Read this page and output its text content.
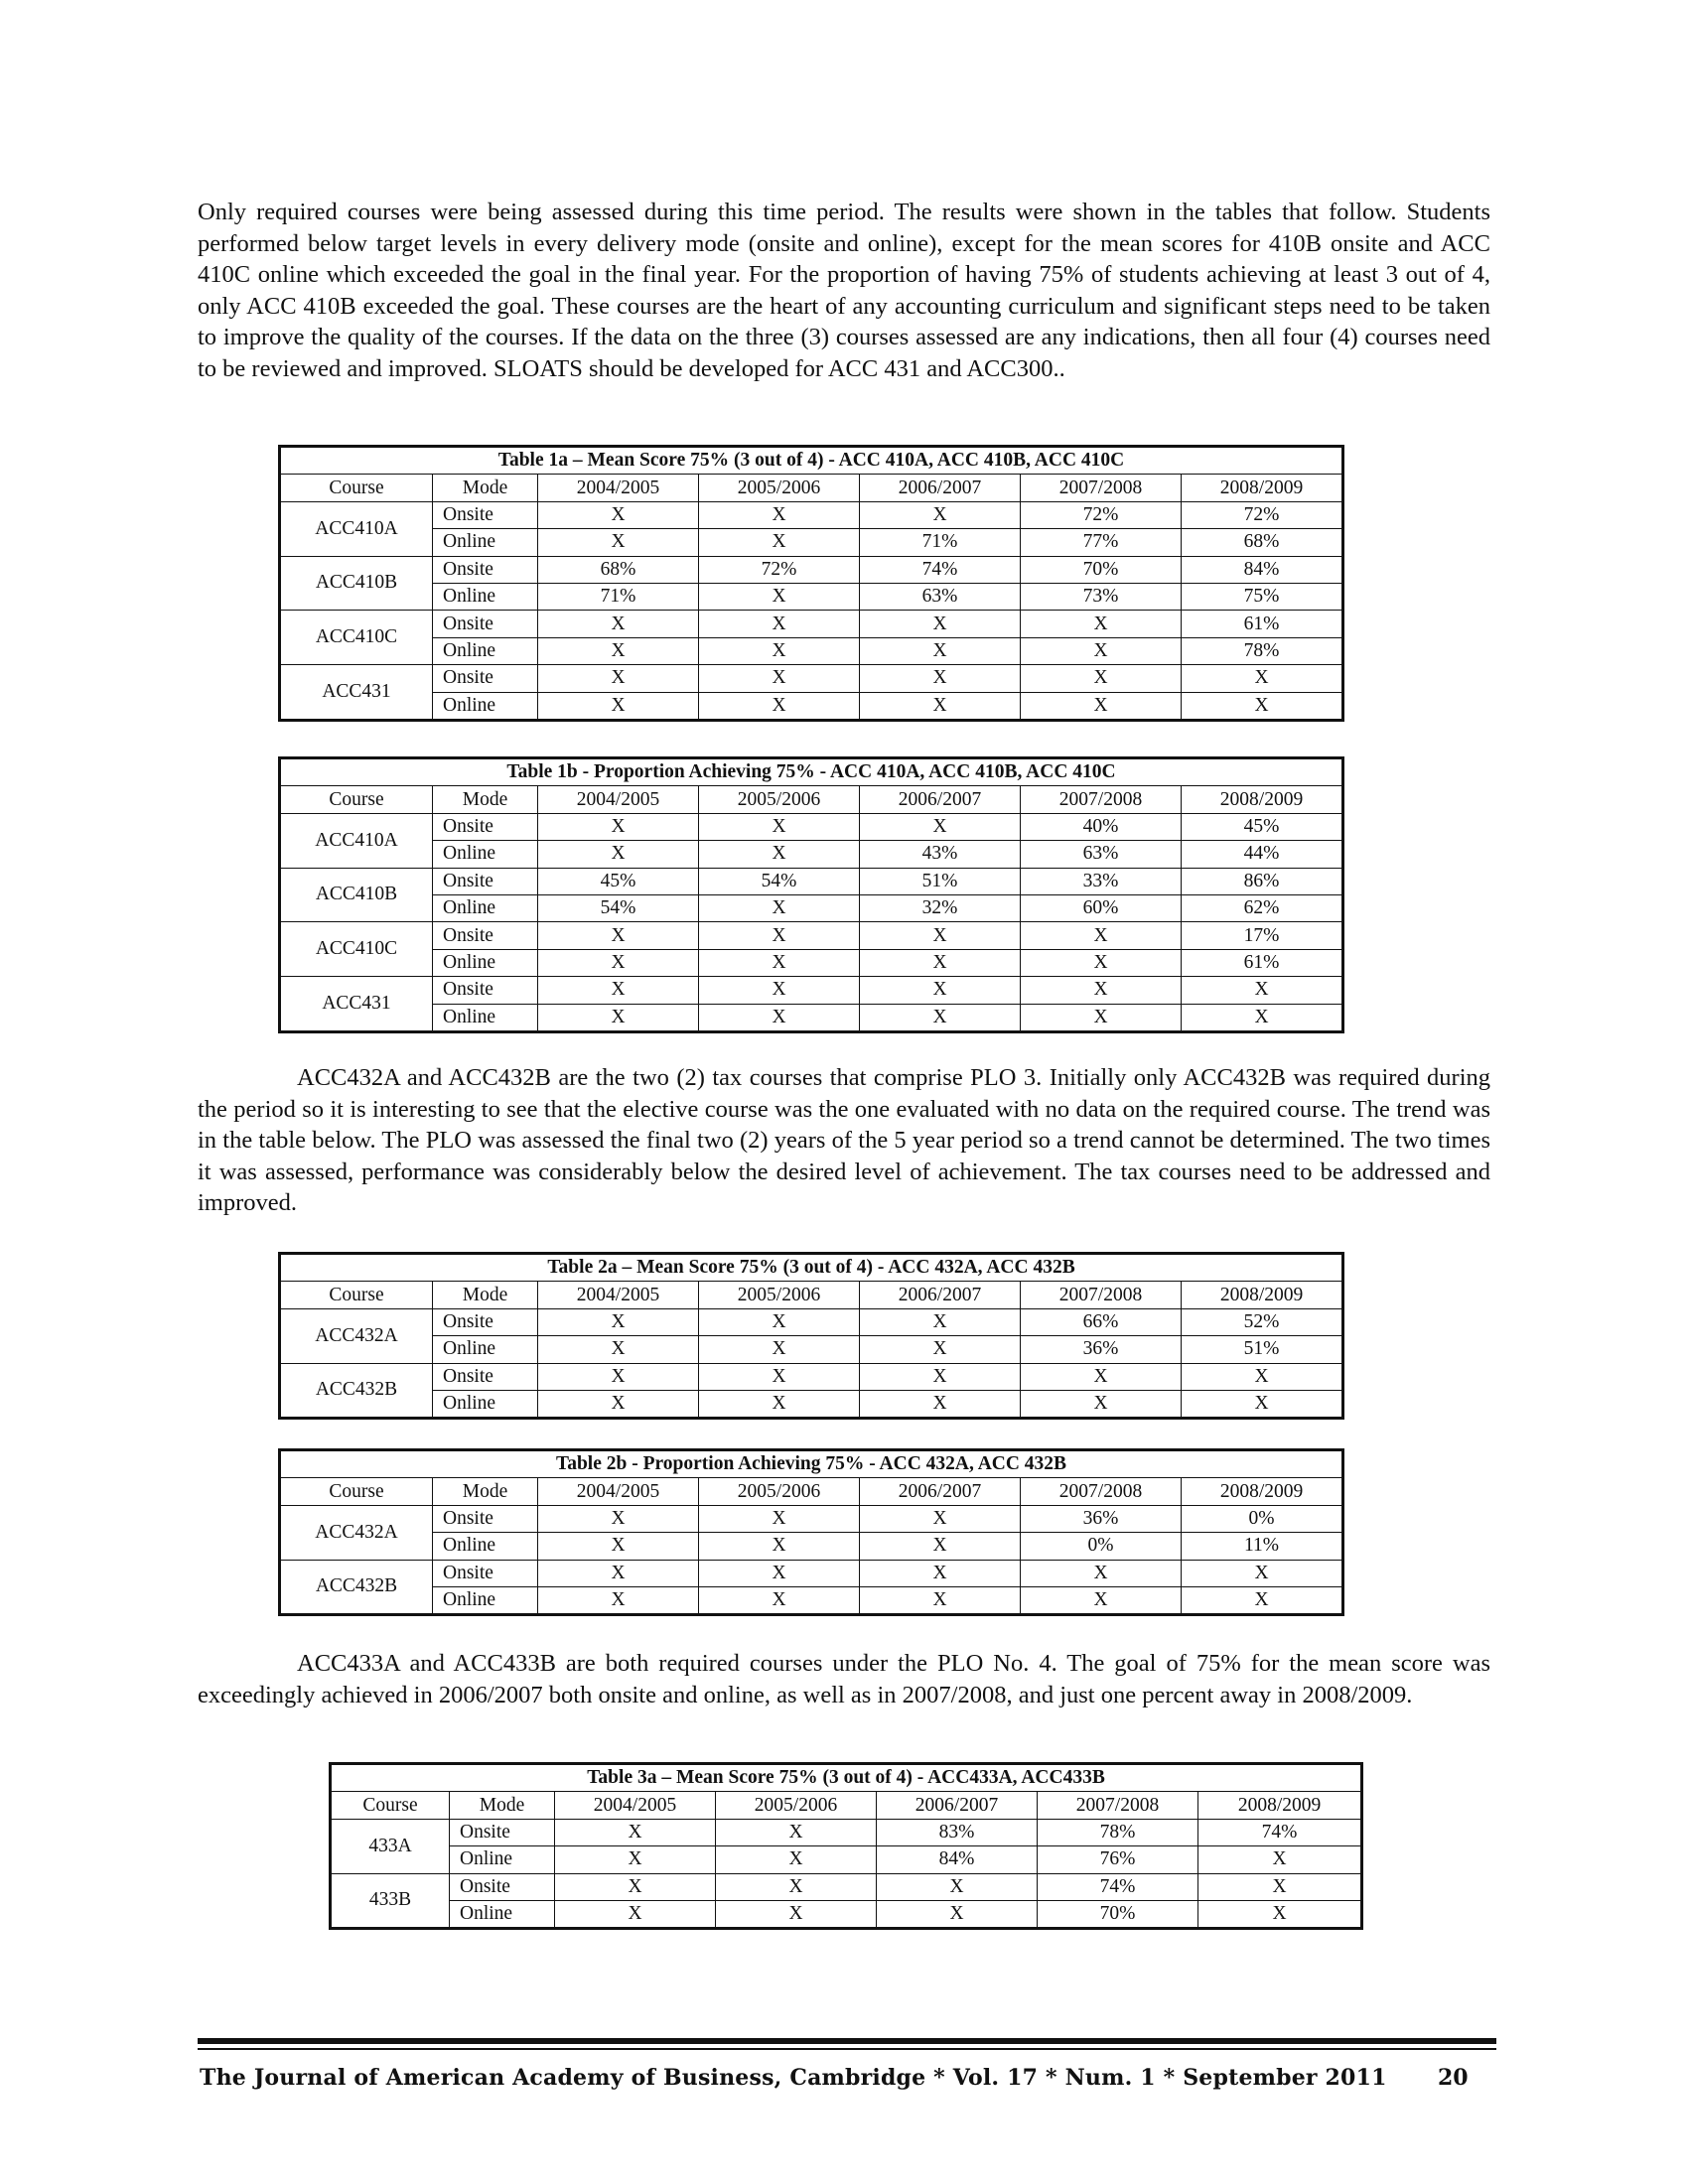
Only required courses were being assessed during this time period. The results were shown in the tables that follow. Students performed below target levels in every delivery mode (onsite and online), except for the mean scores for 410B onsite and ACC 410C online which exceeded the goal in the final year. For the proportion of having 75% of students achieving at least 3 out of 4, only ACC 410B exceeded the goal. These courses are the heart of any accounting curriculum and significant steps need to be taken to improve the quality of the courses. If the data on the three (3) courses assessed are any indications, then all four (4) courses need to be reviewed and improved. SLOATS should be developed for ACC 431 and ACC300..

Table 1a – Mean Score 75% (3 out of 4) - ACC 410A, ACC 410B, ACC 410C						
Course	Mode	2004/2005	2005/2006	2006/2007	2007/2008	2008/2009
ACC410A	Onsite	X	X	X	72%	72%
	Online	X	X	71%	77%	68%
ACC410B	Onsite	68%	72%	74%	70%	84%
	Online	71%	X	63%	73%	75%
ACC410C	Onsite	X	X	X	X	61%
	Online	X	X	X	X	78%
ACC431	Onsite	X	X	X	X	X
	Online	X	X	X	X	X
Table 1b - Proportion Achieving 75% - ACC 410A, ACC 410B, ACC 410C						
Course	Mode	2004/2005	2005/2006	2006/2007	2007/2008	2008/2009
ACC410A	Onsite	X	X	X	40%	45%
	Online	X	X	43%	63%	44%
ACC410B	Onsite	45%	54%	51%	33%	86%
	Online	54%	X	32%	60%	62%
ACC410C	Onsite	X	X	X	X	17%
	Online	X	X	X	X	61%
ACC431	Onsite	X	X	X	X	X
	Online	X	X	X	X	X

ACC432A and ACC432B are the two (2) tax courses that comprise PLO 3. Initially only ACC432B was required during the period so it is interesting to see that the elective course was the one evaluated with no data on the required course. The trend was in the table below. The PLO was assessed the final two (2) years of the 5 year period so a trend cannot be determined. The two times it was assessed, performance was considerably below the desired level of achievement. The tax courses need to be addressed and improved.

Table 2a – Mean Score 75% (3 out of 4) - ACC 432A, ACC 432B						
Course	Mode	2004/2005	2005/2006	2006/2007	2007/2008	2008/2009
ACC432A	Onsite	X	X	X	66%	52%
	Online	X	X	X	36%	51%
ACC432B	Onsite	X	X	X	X	X
	Online	X	X	X	X	X
Table 2b - Proportion Achieving 75% - ACC 432A, ACC 432B						
Course	Mode	2004/2005	2005/2006	2006/2007	2007/2008	2008/2009
ACC432A	Onsite	X	X	X	36%	0%
	Online	X	X	X	0%	11%
ACC432B	Onsite	X	X	X	X	X
	Online	X	X	X	X	X

ACC433A and ACC433B are both required courses under the PLO No. 4. The goal of 75% for the mean score was exceedingly achieved in 2006/2007 both onsite and online, as well as in 2007/2008, and just one percent away in 2008/2009.

Table 3a – Mean Score 75% (3 out of 4) - ACC433A, ACC433B						
Course	Mode	2004/2005	2005/2006	2006/2007	2007/2008	2008/2009
433A	Onsite	X	X	83%	78%	74%
	Online	X	X	84%	76%	X
433B	Onsite	X	X	X	74%	X
	Online	X	X	X	70%	X
The Journal of American Academy of Business, Cambridge * Vol. 17 * Num. 1 * September 2011 20
